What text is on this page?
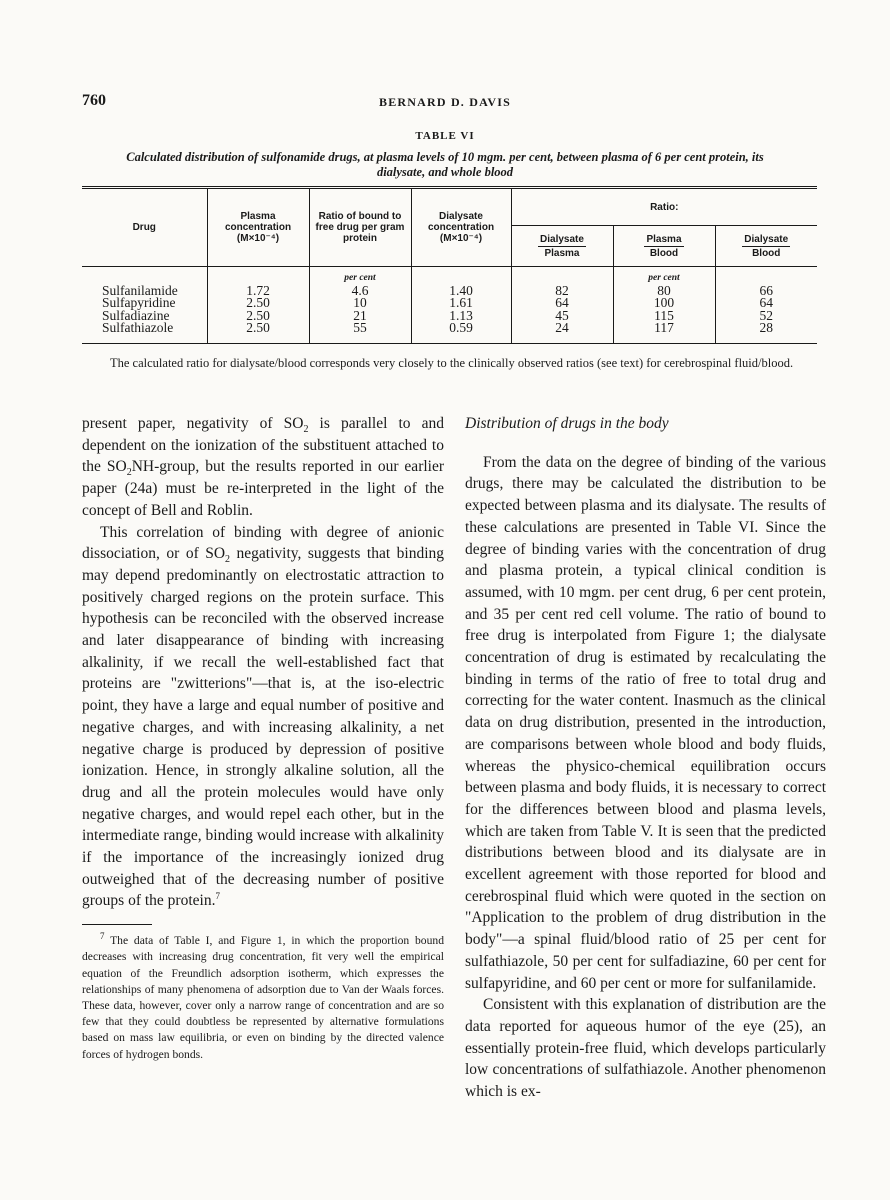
760	BERNARD D. DAVIS
TABLE VI
Calculated distribution of sulfonamide drugs, at plasma levels of 10 mgm. per cent, between plasma of 6 per cent protein, its dialysate, and whole blood
Drug	Plasma concentration (M×10⁻⁴)	Ratio of bound to free drug per gram protein	Dialysate concentration (M×10⁻⁴)	Ratio:		

				$\frac{\text{Dialysate}}{\text{Plasma}}$	$\frac{\text{Plasma}}{\text{Blood}}$	$\frac{\text{Dialysate}}{\text{Blood}}$

		per cent			per cent	
Sulfanilamide	1.72	4.6	1.40	82	80	66
Sulfapyridine	2.50	10	1.61	64	100	64
Sulfadiazine	2.50	21	1.13	45	115	52
Sulfathiazole	2.50	55	0.59	24	117	28
The calculated ratio for dialysate/blood corresponds very closely to the clinically observed ratios (see text) for cerebrospinal fluid/blood.

present paper, negativity of $SO_2$ is parallel to and dependent on the ionization of the substituent attached to the $SO_2NH$-group, but the results reported in our earlier paper (24a) must be re-interpreted in the light of the concept of Bell and Roblin.

This correlation of binding with degree of anionic dissociation, or of $SO_2$ negativity, suggests that binding may depend predominantly on electrostatic attraction to positively charged regions on the protein surface. This hypothesis can be reconciled with the observed increase and later disappearance of binding with increasing alkalinity, if we recall the well-established fact that proteins are "zwitterions"—that is, at the iso-electric point, they have a large and equal number of positive and negative charges, and with increasing alkalinity, a net negative charge is produced by depression of positive ionization. Hence, in strongly alkaline solution, all the drug and all the protein molecules would have only negative charges, and would repel each other, but in the intermediate range, binding would increase with alkalinity if the importance of the increasingly ionized drug outweighed that of the decreasing number of positive groups of the protein.$^7$

$^7$ The data of Table I, and Figure 1, in which the proportion bound decreases with increasing drug concentration, fit very well the empirical equation of the Freundlich adsorption isotherm, which expresses the relationships of many phenomena of adsorption due to Van der Waals forces. These data, however, cover only a narrow range of concentration and are so few that they could doubtless be represented by alternative formulations based on mass law equilibria, or even on binding by the directed valence forces of hydrogen bonds.

Distribution of drugs in the body

From the data on the degree of binding of the various drugs, there may be calculated the distribution to be expected between plasma and its dialysate. The results of these calculations are presented in Table VI. Since the degree of binding varies with the concentration of drug and plasma protein, a typical clinical condition is assumed, with 10 mgm. per cent drug, 6 per cent protein, and 35 per cent red cell volume. The ratio of bound to free drug is interpolated from Figure 1; the dialysate concentration of drug is estimated by recalculating the binding in terms of the ratio of free to total drug and correcting for the water content. Inasmuch as the clinical data on drug distribution, presented in the introduction, are comparisons between whole blood and body fluids, whereas the physico-chemical equilibration occurs between plasma and body fluids, it is necessary to correct for the differences between blood and plasma levels, which are taken from Table V. It is seen that the predicted distributions between blood and its dialysate are in excellent agreement with those reported for blood and cerebrospinal fluid which were quoted in the section on "Application to the problem of drug distribution in the body"—a spinal fluid/blood ratio of 25 per cent for sulfathiazole, 50 per cent for sulfadiazine, 60 per cent for sulfapyridine, and 60 per cent or more for sulfanilamide.

Consistent with this explanation of distribution are the data reported for aqueous humor of the eye (25), an essentially protein-free fluid, which develops particularly low concentrations of sulfathiazole. Another phenomenon which is ex-
